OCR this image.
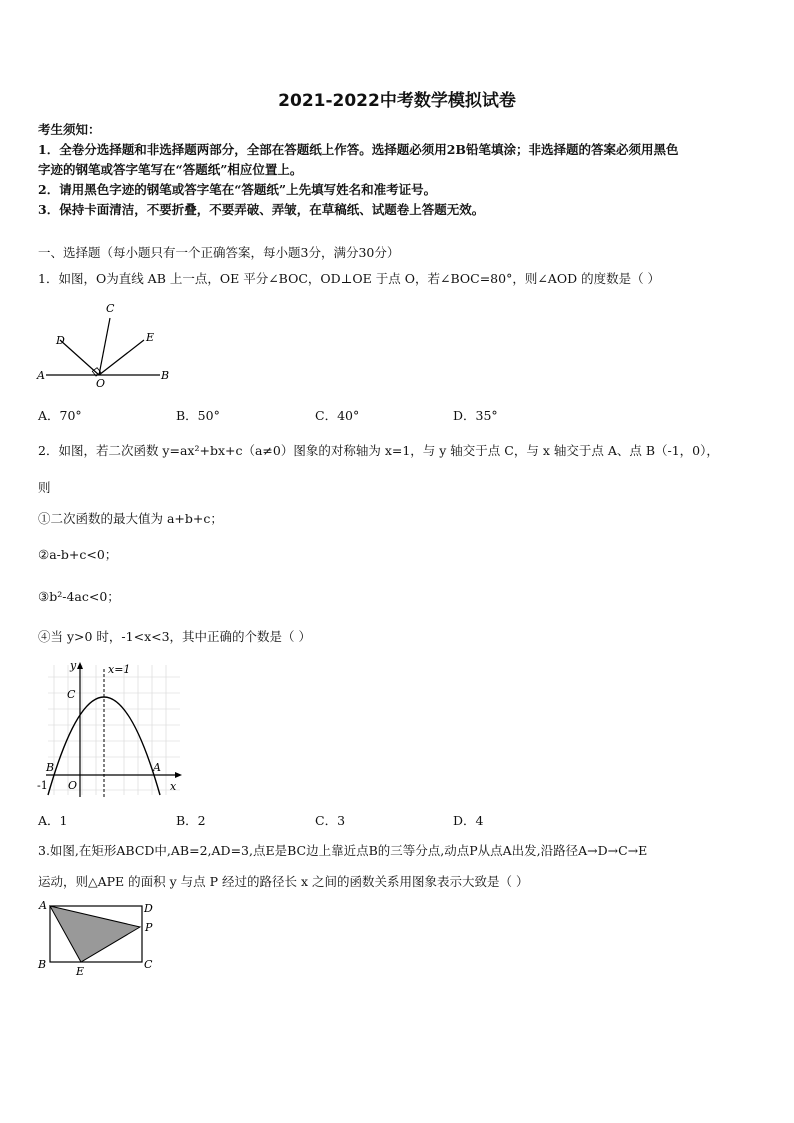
2021-2022中考数学模拟试卷
考生须知：
1．全卷分选择题和非选择题两部分，全部在答题纸上作答。选择题必须用2B铅笔填涂；非选择题的答案必须用黑色
字迹的钢笔或答字笔写在“答题纸”相应位置上。
2．请用黑色字迹的钢笔或答字笔在“答题纸”上先填写姓名和准考证号。
3．保持卡面清洁，不要折叠，不要弄破、弄皱，在草稿纸、试题卷上答题无效。
一、选择题（每小题只有一个正确答案，每小题3分，满分30分）
1．如图，O为直线 AB 上一点，OE 平分∠BOC，OD⊥OE 于点 O，若∠BOC=80°，则∠AOD 的度数是（ ）
C
D	E
A
O
B
A．70°	B．50°	C．40°	D．35°
2．如图，若二次函数 y=ax²+bx+c（a≠0）图象的对称轴为 x=1，与 y 轴交于点 C，与 x 轴交于点 A、点 B（-1，0），
则
①二次函数的最大值为 a+b+c；
②a-b+c<0；
③b²-4ac<0；
④当 y>0 时，-1<x<3，其中正确的个数是（ ）
y	x=1
C
B	A
-1 O	x
A．1	B．2	C．3	D．4
3.如图,在矩形ABCD中,AB=2,AD=3,点E是BC边上靠近点B的三等分点,动点P从点A出发,沿路径A→D→C→E
运动，则△APE 的面积 y 与点 P 经过的路径长 x 之间的函数关系用图象表示大致是（ ）
A	D
P
B
E
C
